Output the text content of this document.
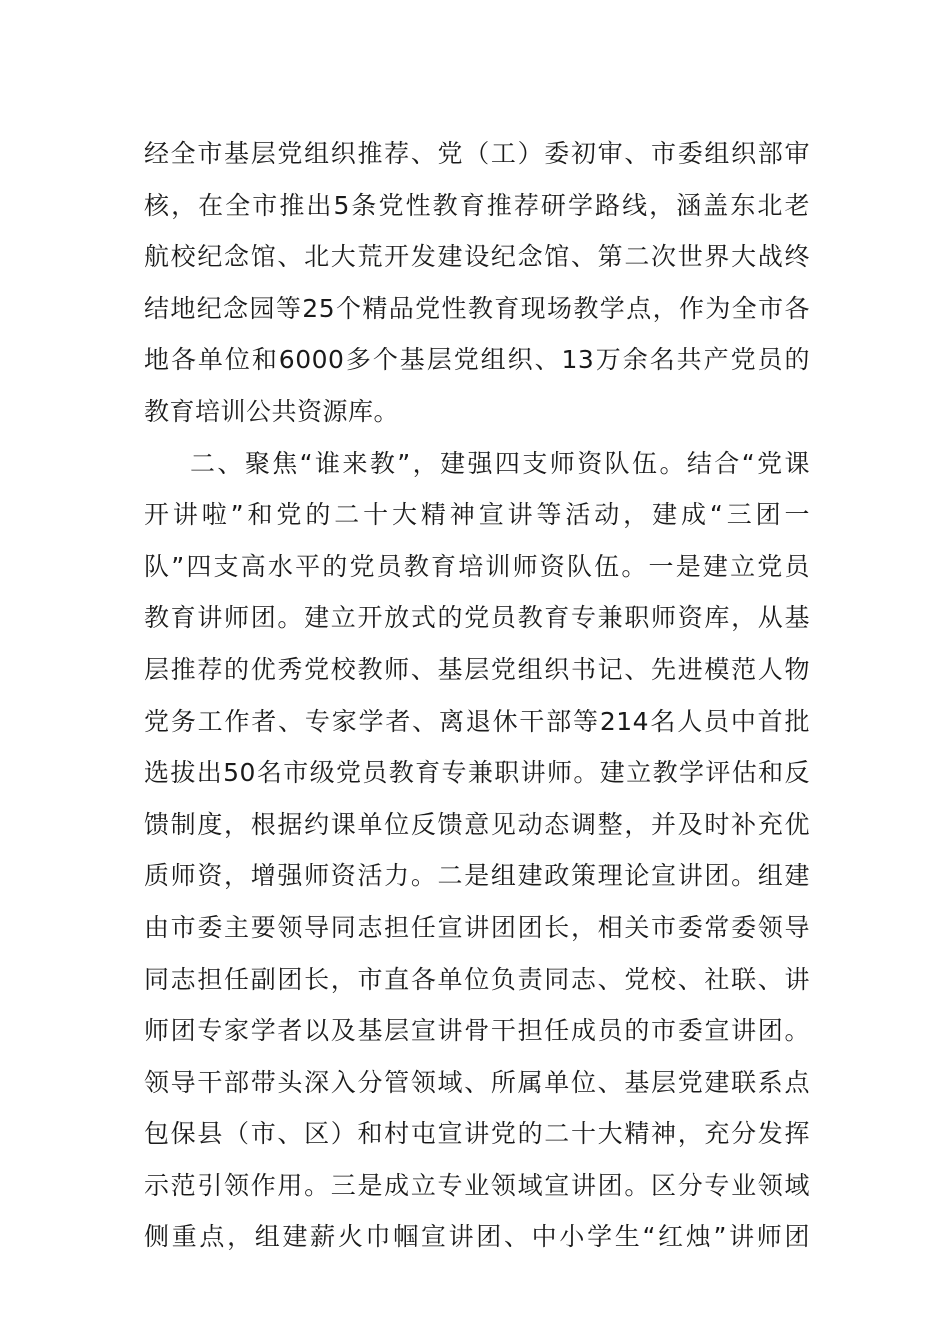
经全市基层党组织推荐、党（工）委初审、市委组织部审
核，在全市推出5条党性教育推荐研学路线，涵盖东北老
航校纪念馆、北大荒开发建设纪念馆、第二次世界大战终
结地纪念园等25个精品党性教育现场教学点，作为全市各
地各单位和6000多个基层党组织、13万余名共产党员的
教育培训公共资源库。
二、聚焦“谁来教”，建强四支师资队伍。结合“党课
开讲啦”和党的二十大精神宣讲等活动，建成“三团一
队”四支高水平的党员教育培训师资队伍。一是建立党员
教育讲师团。建立开放式的党员教育专兼职师资库，从基
层推荐的优秀党校教师、基层党组织书记、先进模范人物
党务工作者、专家学者、离退休干部等214名人员中首批
选拔出50名市级党员教育专兼职讲师。建立教学评估和反
馈制度，根据约课单位反馈意见动态调整，并及时补充优
质师资，增强师资活力。二是组建政策理论宣讲团。组建
由市委主要领导同志担任宣讲团团长，相关市委常委领导
同志担任副团长，市直各单位负责同志、党校、社联、讲
师团专家学者以及基层宣讲骨干担任成员的市委宣讲团。
领导干部带头深入分管领域、所属单位、基层党建联系点
包保县（市、区）和村屯宣讲党的二十大精神，充分发挥
示范引领作用。三是成立专业领域宣讲团。区分专业领域
侧重点，组建薪火巾帼宣讲团、中小学生“红烛”讲师团
